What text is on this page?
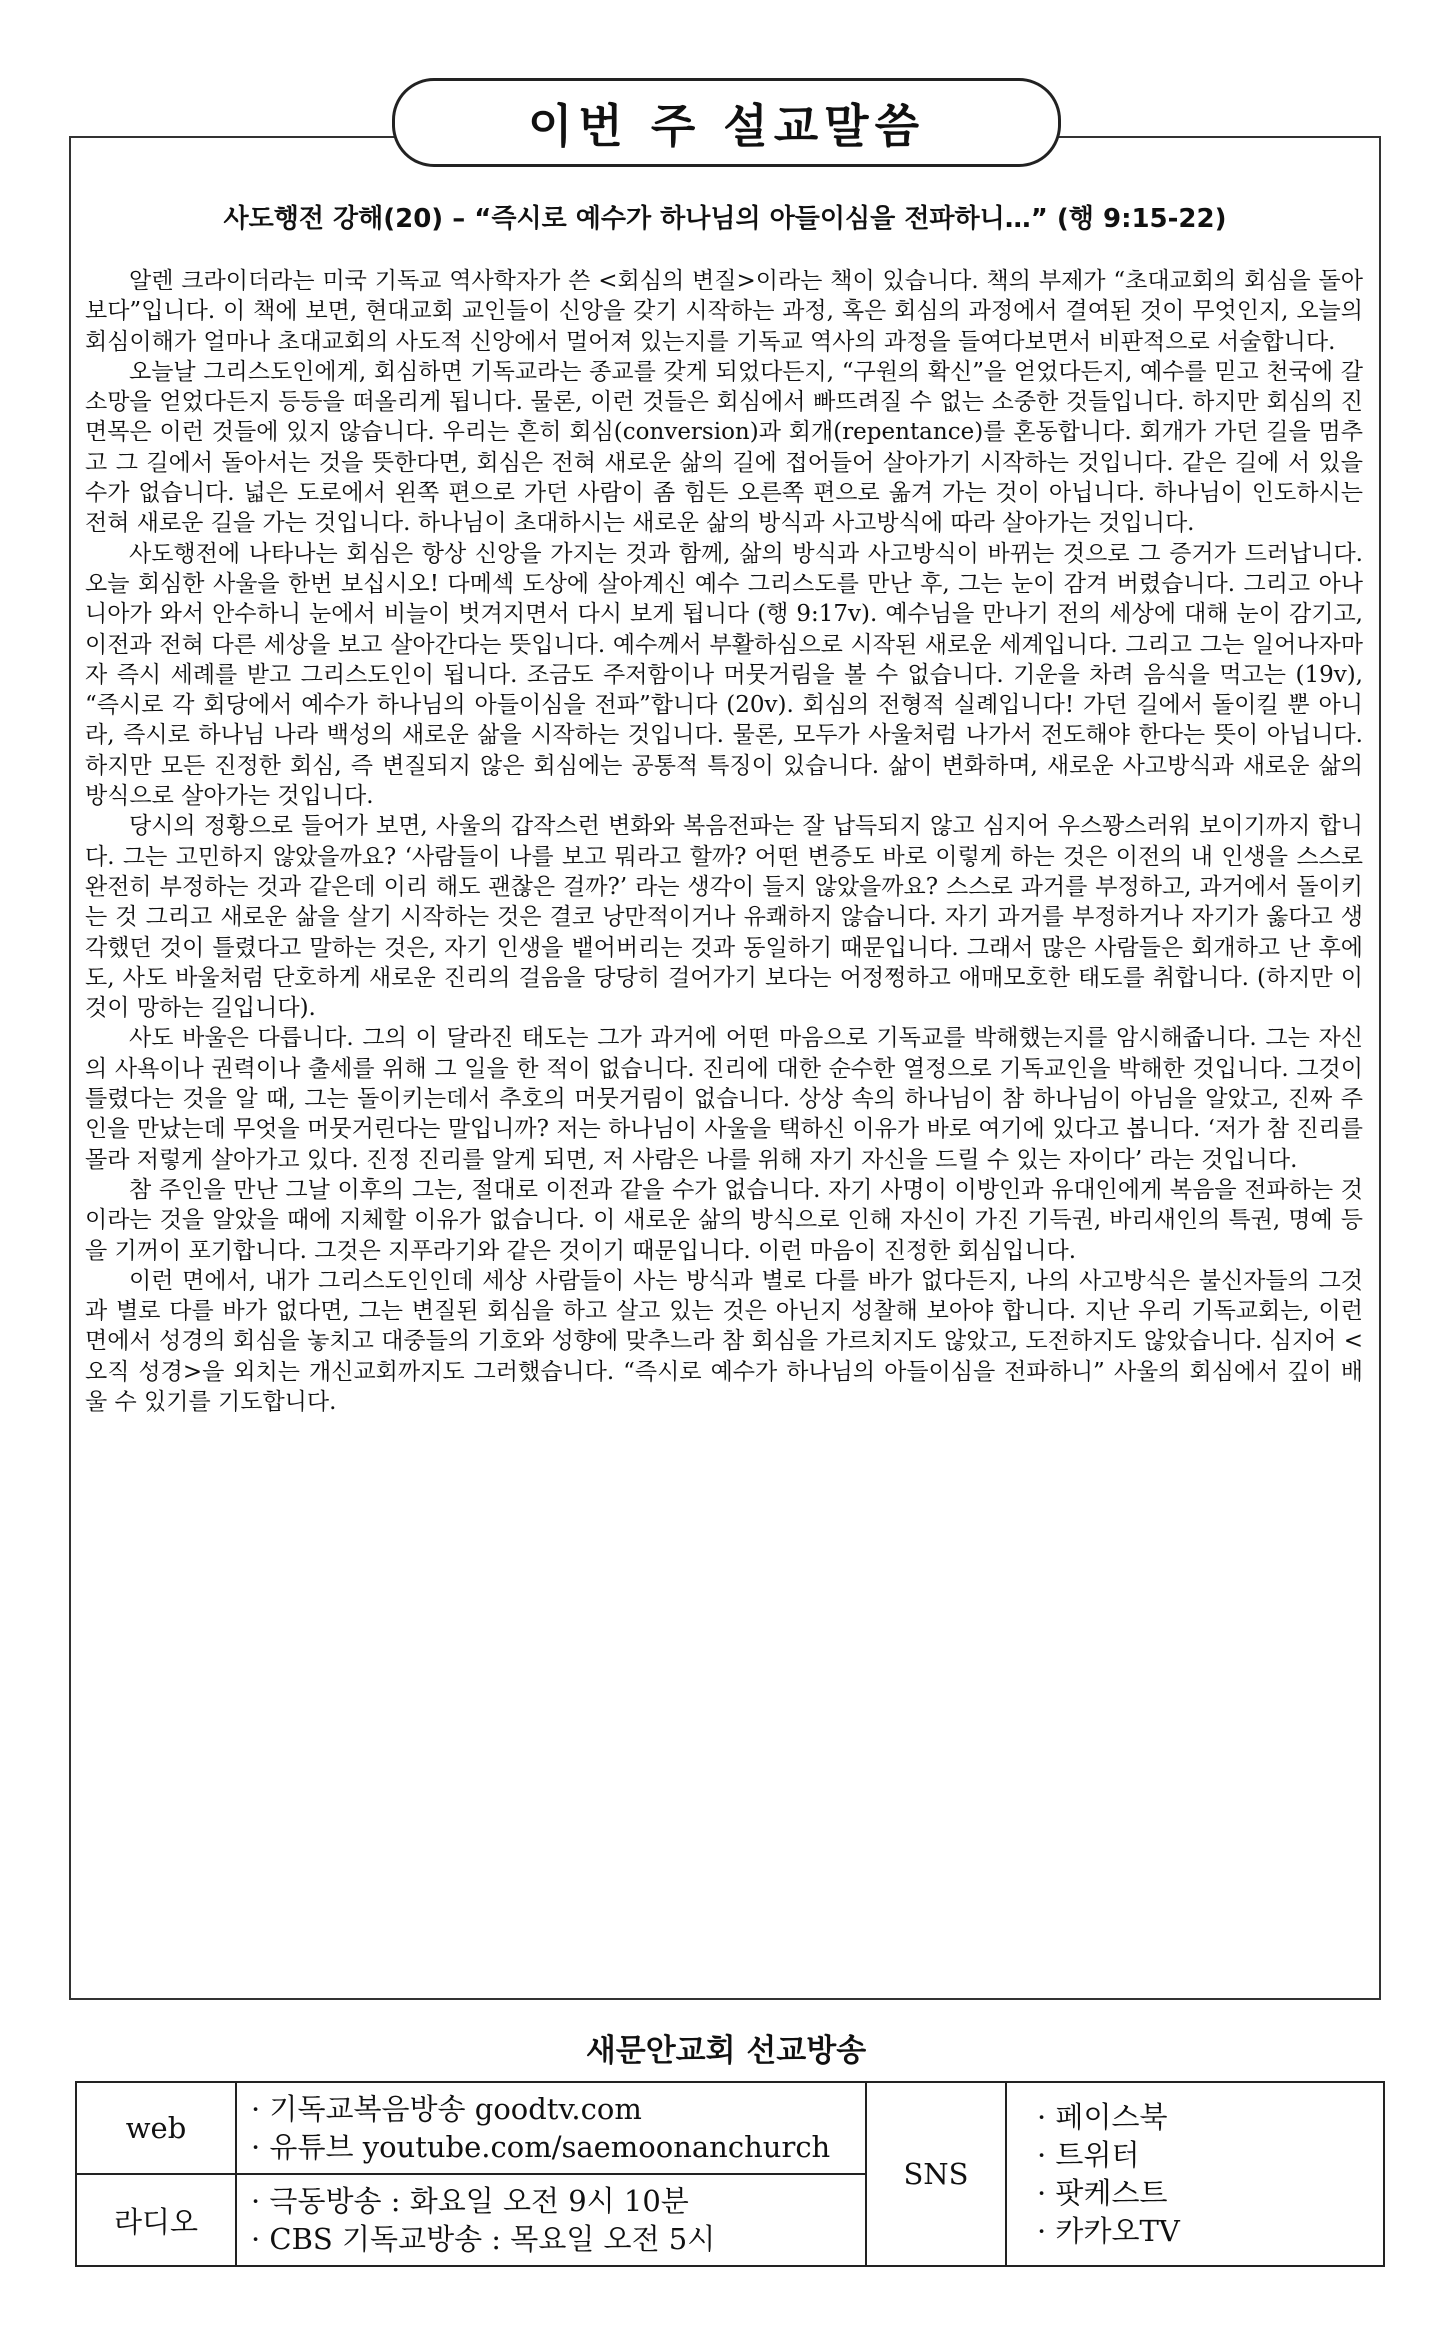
사도행전 강해(20) – “즉시로 예수가 하나님의 아들이심을 전파하니…” (행 9:15-22)

알렌 크라이더라는 미국 기독교 역사학자가 쓴 <회심의 변질>이라는 책이 있습니다. 책의 부제가 “초대교회의 회심을 돌아보다”입니다. 이 책에 보면, 현대교회 교인들이 신앙을 갖기 시작하는 과정, 혹은 회심의 과정에서 결여된 것이 무엇인지, 오늘의 회심이해가 얼마나 초대교회의 사도적 신앙에서 멀어져 있는지를 기독교 역사의 과정을 들여다보면서 비판적으로 서술합니다.

오늘날 그리스도인에게, 회심하면 기독교라는 종교를 갖게 되었다든지, “구원의 확신”을 얻었다든지, 예수를 믿고 천국에 갈 소망을 얻었다든지 등등을 떠올리게 됩니다. 물론, 이런 것들은 회심에서 빠뜨려질 수 없는 소중한 것들입니다. 하지만 회심의 진면목은 이런 것들에 있지 않습니다. 우리는 흔히 회심(conversion)과 회개(repentance)를 혼동합니다. 회개가 가던 길을 멈추고 그 길에서 돌아서는 것을 뜻한다면, 회심은 전혀 새로운 삶의 길에 접어들어 살아가기 시작하는 것입니다. 같은 길에 서 있을 수가 없습니다. 넓은 도로에서 왼쪽 편으로 가던 사람이 좀 힘든 오른쪽 편으로 옮겨 가는 것이 아닙니다. 하나님이 인도하시는 전혀 새로운 길을 가는 것입니다. 하나님이 초대하시는 새로운 삶의 방식과 사고방식에 따라 살아가는 것입니다.

사도행전에 나타나는 회심은 항상 신앙을 가지는 것과 함께, 삶의 방식과 사고방식이 바뀌는 것으로 그 증거가 드러납니다. 오늘 회심한 사울을 한번 보십시오! 다메섹 도상에 살아계신 예수 그리스도를 만난 후, 그는 눈이 감겨 버렸습니다. 그리고 아나니아가 와서 안수하니 눈에서 비늘이 벗겨지면서 다시 보게 됩니다 (행 9:17v). 예수님을 만나기 전의 세상에 대해 눈이 감기고, 이전과 전혀 다른 세상을 보고 살아간다는 뜻입니다. 예수께서 부활하심으로 시작된 새로운 세계입니다. 그리고 그는 일어나자마자 즉시 세례를 받고 그리스도인이 됩니다. 조금도 주저함이나 머뭇거림을 볼 수 없습니다. 기운을 차려 음식을 먹고는 (19v), “즉시로 각 회당에서 예수가 하나님의 아들이심을 전파”합니다 (20v). 회심의 전형적 실례입니다! 가던 길에서 돌이킬 뿐 아니라, 즉시로 하나님 나라 백성의 새로운 삶을 시작하는 것입니다. 물론, 모두가 사울처럼 나가서 전도해야 한다는 뜻이 아닙니다. 하지만 모든 진정한 회심, 즉 변질되지 않은 회심에는 공통적 특징이 있습니다. 삶이 변화하며, 새로운 사고방식과 새로운 삶의 방식으로 살아가는 것입니다.

당시의 정황으로 들어가 보면, 사울의 갑작스런 변화와 복음전파는 잘 납득되지 않고 심지어 우스꽝스러워 보이기까지 합니다. 그는 고민하지 않았을까요? ‘사람들이 나를 보고 뭐라고 할까? 어떤 변증도 바로 이렇게 하는 것은 이전의 내 인생을 스스로 완전히 부정하는 것과 같은데 이리 해도 괜찮은 걸까?’ 라는 생각이 들지 않았을까요? 스스로 과거를 부정하고, 과거에서 돌이키는 것 그리고 새로운 삶을 살기 시작하는 것은 결코 낭만적이거나 유쾌하지 않습니다. 자기 과거를 부정하거나 자기가 옳다고 생각했던 것이 틀렸다고 말하는 것은, 자기 인생을 뱉어버리는 것과 동일하기 때문입니다. 그래서 많은 사람들은 회개하고 난 후에도, 사도 바울처럼 단호하게 새로운 진리의 걸음을 당당히 걸어가기 보다는 어정쩡하고 애매모호한 태도를 취합니다. (하지만 이것이 망하는 길입니다).

사도 바울은 다릅니다. 그의 이 달라진 태도는 그가 과거에 어떤 마음으로 기독교를 박해했는지를 암시해줍니다. 그는 자신의 사욕이나 권력이나 출세를 위해 그 일을 한 적이 없습니다. 진리에 대한 순수한 열정으로 기독교인을 박해한 것입니다. 그것이 틀렸다는 것을 알 때, 그는 돌이키는데서 추호의 머뭇거림이 없습니다. 상상 속의 하나님이 참 하나님이 아님을 알았고, 진짜 주인을 만났는데 무엇을 머뭇거린다는 말입니까? 저는 하나님이 사울을 택하신 이유가 바로 여기에 있다고 봅니다. ‘저가 참 진리를 몰라 저렇게 살아가고 있다. 진정 진리를 알게 되면, 저 사람은 나를 위해 자기 자신을 드릴 수 있는 자이다’ 라는 것입니다.

참 주인을 만난 그날 이후의 그는, 절대로 이전과 같을 수가 없습니다. 자기 사명이 이방인과 유대인에게 복음을 전파하는 것이라는 것을 알았을 때에 지체할 이유가 없습니다. 이 새로운 삶의 방식으로 인해 자신이 가진 기득권, 바리새인의 특권, 명예 등을 기꺼이 포기합니다. 그것은 지푸라기와 같은 것이기 때문입니다. 이런 마음이 진정한 회심입니다.

이런 면에서, 내가 그리스도인인데 세상 사람들이 사는 방식과 별로 다를 바가 없다든지, 나의 사고방식은 불신자들의 그것과 별로 다를 바가 없다면, 그는 변질된 회심을 하고 살고 있는 것은 아닌지 성찰해 보아야 합니다. 지난 우리 기독교회는, 이런 면에서 성경의 회심을 놓치고 대중들의 기호와 성향에 맞추느라 참 회심을 가르치지도 않았고, 도전하지도 않았습니다. 심지어 <오직 성경>을 외치는 개신교회까지도 그러했습니다. “즉시로 예수가 하나님의 아들이심을 전파하니” 사울의 회심에서 깊이 배울 수 있기를 기도합니다.

이번 주 설교말씀
새문안교회 선교방송
web	· 기독교복음방송 goodtv.com
· 유튜브 youtube.com/saemoonanchurch	SNS	· 페이스북
· 트위터
· 팟케스트
· 카카오TV

라디오	· 극동방송 : 화요일 오전 9시 10분
· CBS 기독교방송 : 목요일 오전 5시		
